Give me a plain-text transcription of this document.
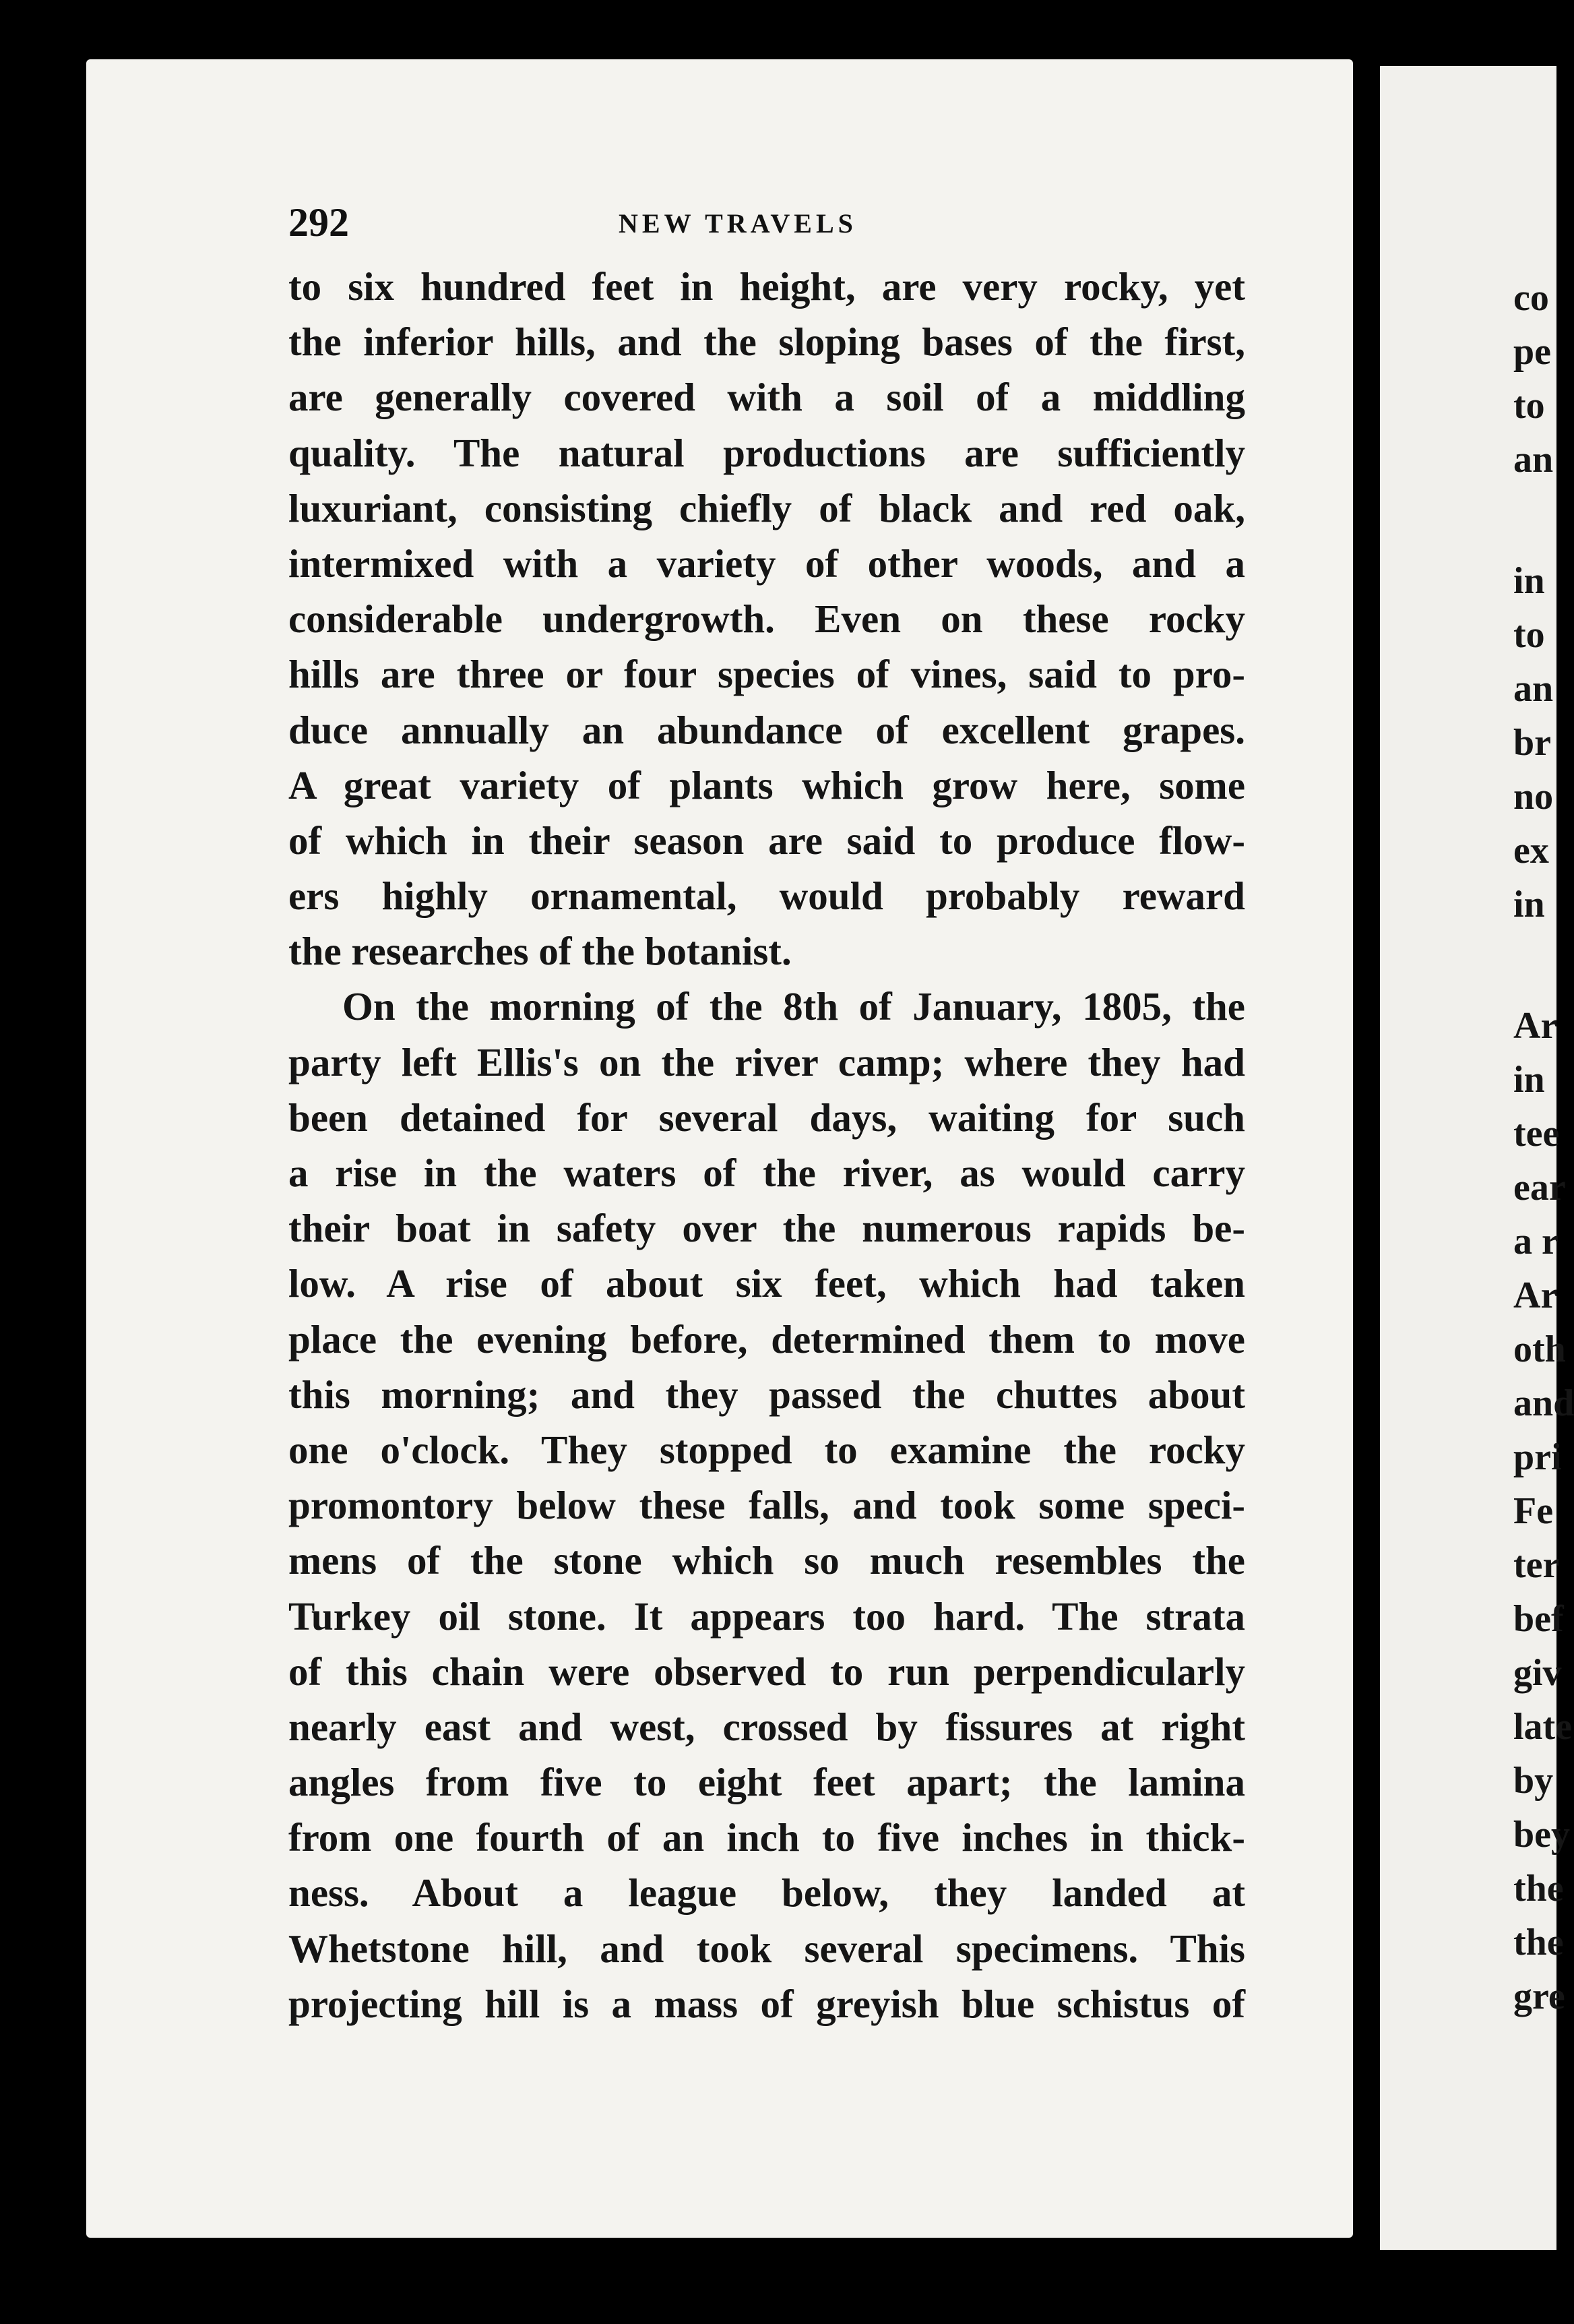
292	NEW TRAVELS
to six hundred feet in height, are very rocky, yet
the inferior hills, and the sloping bases of the first,
are generally covered with a soil of a middling
quality. The natural productions are sufficiently
luxuriant, consisting chiefly of black and red oak,
intermixed with a variety of other woods, and a
considerable undergrowth. Even on these rocky
hills are three or four species of vines, said to pro-
duce annually an abundance of excellent grapes.
A great variety of plants which grow here, some
of which in their season are said to produce flow-
ers highly ornamental, would probably reward
the researches of the botanist.
On the morning of the 8th of January, 1805, the
party left Ellis's on the river camp; where they had
been detained for several days, waiting for such
a rise in the waters of the river, as would carry
their boat in safety over the numerous rapids be-
low. A rise of about six feet, which had taken
place the evening before, determined them to move
this morning; and they passed the chuttes about
one o'clock. They stopped to examine the rocky
promontory below these falls, and took some speci-
mens of the stone which so much resembles the
Turkey oil stone. It appears too hard. The strata
of this chain were observed to run perpendicularly
nearly east and west, crossed by fissures at right
angles from five to eight feet apart; the lamina
from one fourth of an inch to five inches in thick-
ness. About a league below, they landed at
Whetstone hill, and took several specimens. This
projecting hill is a mass of greyish blue schistus of
co
pe
to
an
in
to
an
br
no
ex
in
Ar
in
tee
ear
a r
Ar
oth
and
pri
Fe
ter
bef
giv
late
by
bey
the
the
gre
